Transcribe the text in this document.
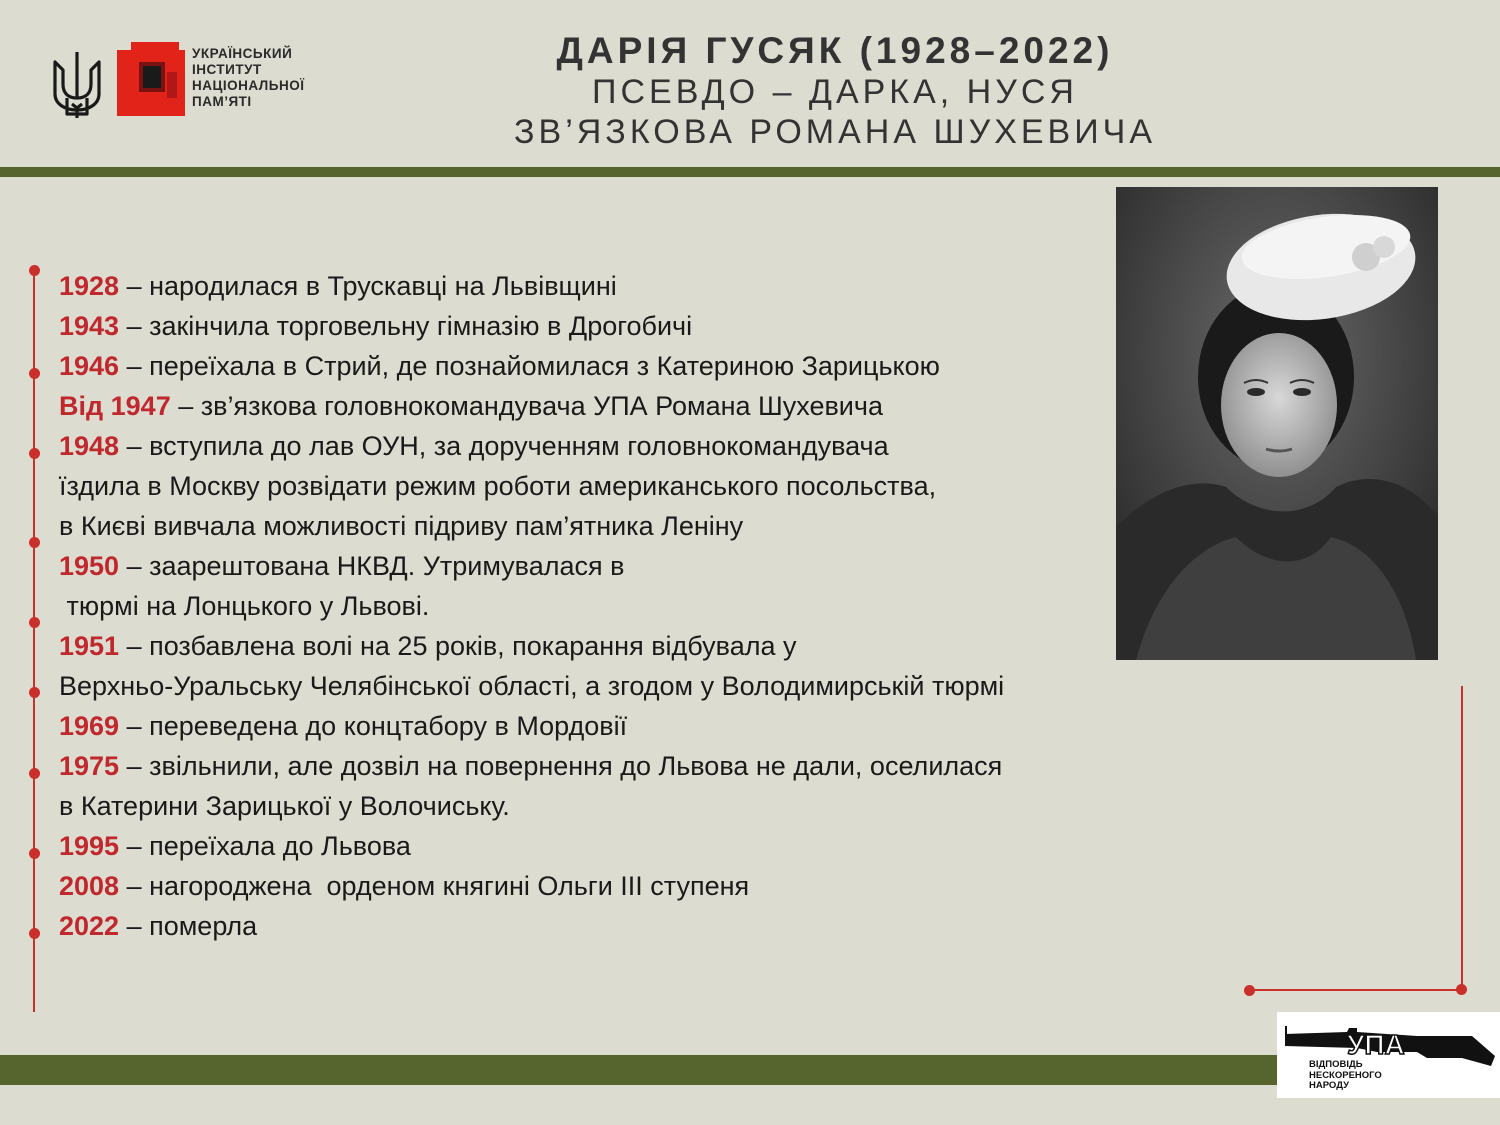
УКРАЇНСЬКИЙ
ІНСТИТУТ
НАЦІОНАЛЬНОЇ
ПАМ’ЯТІ
ДАРІЯ ГУСЯК (1928–2022)
ПСЕВДО – ДАРКА, НУСЯ
ЗВ’ЯЗКОВА РОМАНА ШУХЕВИЧА
1928 – народилася в Трускавці на Львівщині
1943 – закінчила торговельну гімназію в Дрогобичі
1946 – переїхала в Стрий, де познайомилася з Катериною Зарицькою
Від 1947 – зв’язкова головнокомандувача УПА Романа Шухевича
1948 – вступила до лав ОУН, за дорученням головнокомандувача
їздила в Москву розвідати режим роботи американського посольства,
в Києві вивчала можливості підриву пам’ятника Леніну
1950 – заарештована НКВД. Утримувалася в
тюрмі на Лонцького у Львові.
1951 – позбавлена волі на 25 років, покарання відбувала у
Верхньо-Уральську Челябінської області, а згодом у Володимирській тюрмі
1969 – переведена до концтабору в Мордовії
1975 – звільнили, але дозвіл на повернення до Львова не дали, оселилася
в Катерини Зарицької у Волочиську.
1995 – переїхала до Львова
2008 – нагороджена  орденом княгині Ольги ІІІ ступеня
2022 – померла
УПА
ВІДПОВІДЬ
НЕСКОРЕНОГО
НАРОДУ
